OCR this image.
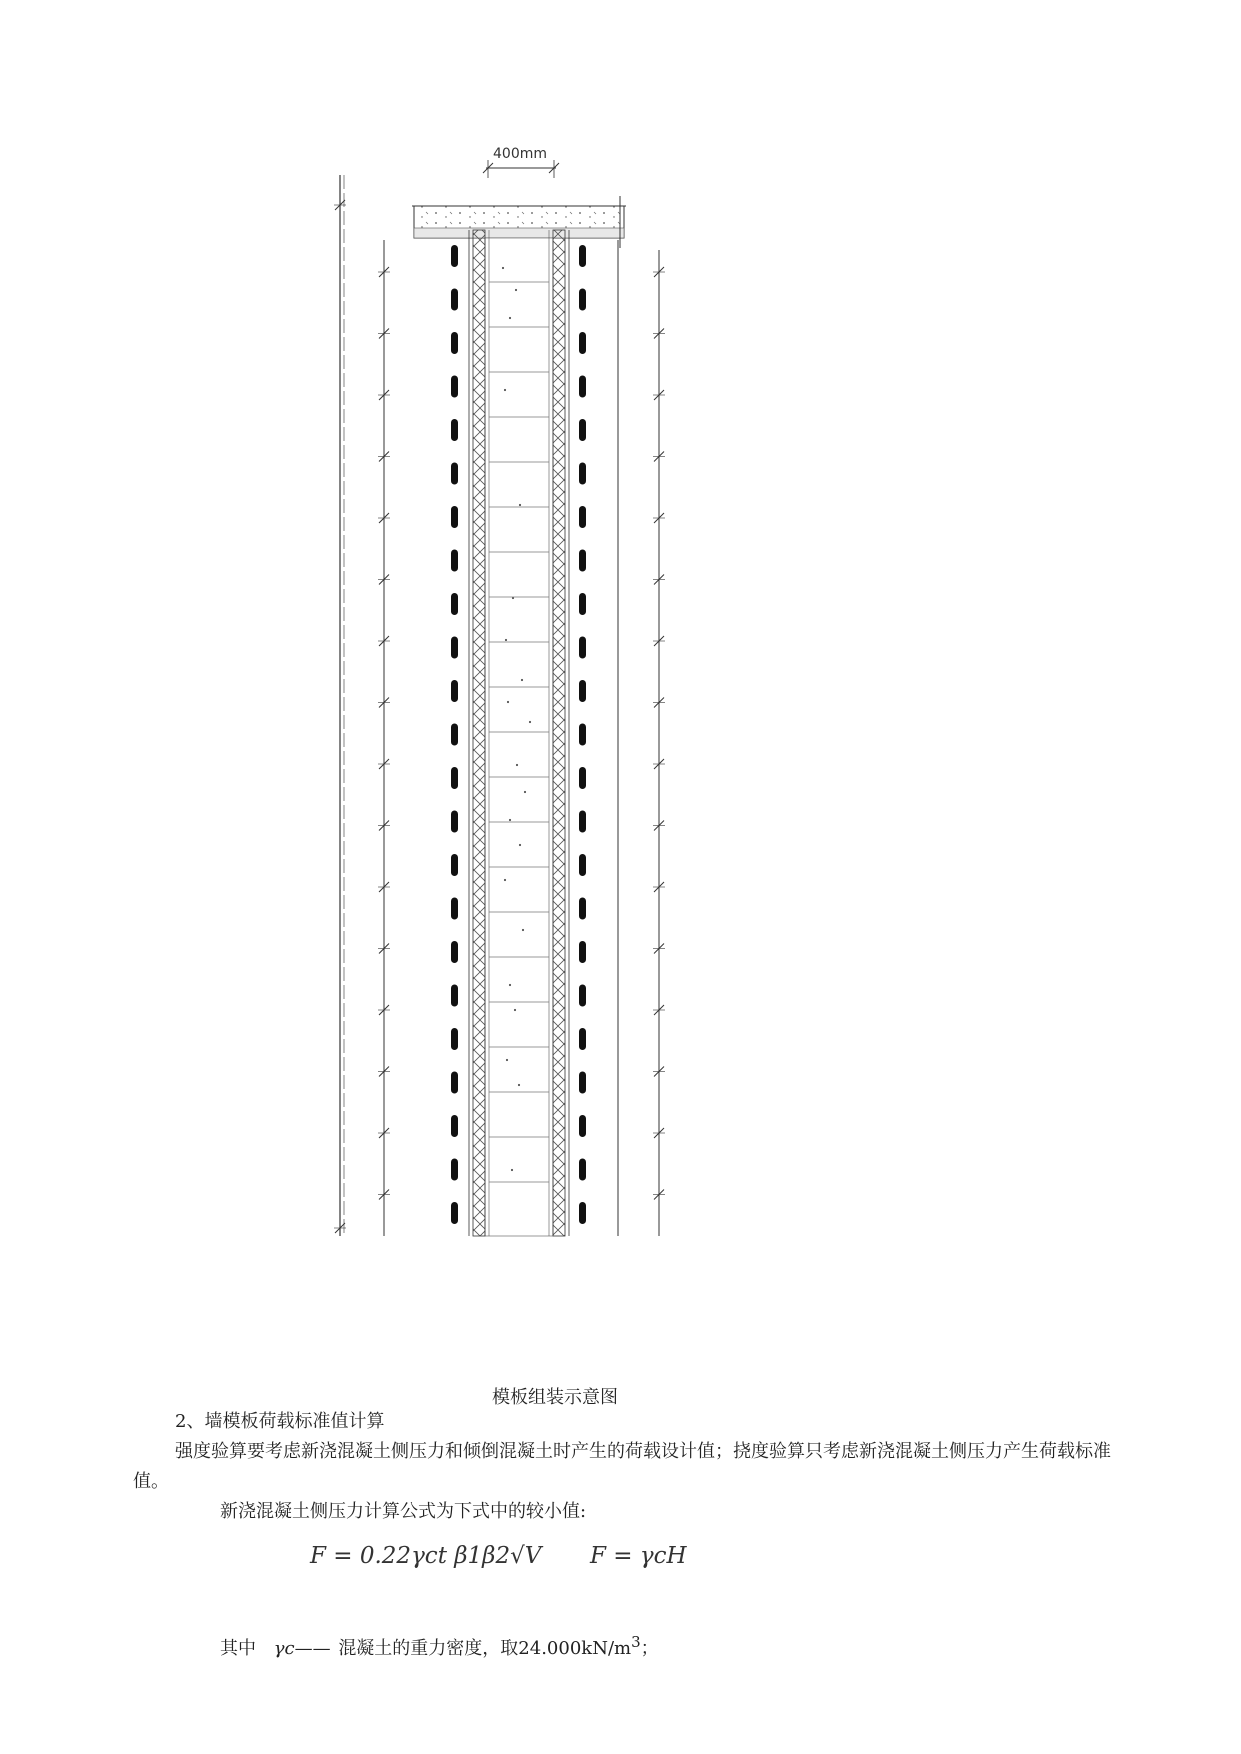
400mm
模板组装示意图

2、墙模板荷载标准值计算

强度验算要考虑新浇混凝土侧压力和倾倒混凝土时产生的荷载设计值；挠度验算只考虑新浇混凝土侧压力产生荷载标准值。

新浇混凝土侧压力计算公式为下式中的较小值:

F = 0.22γct β1β2√V F = γcH
其中 γc—— 混凝土的重力密度，取$24.000kN/m^3$；
